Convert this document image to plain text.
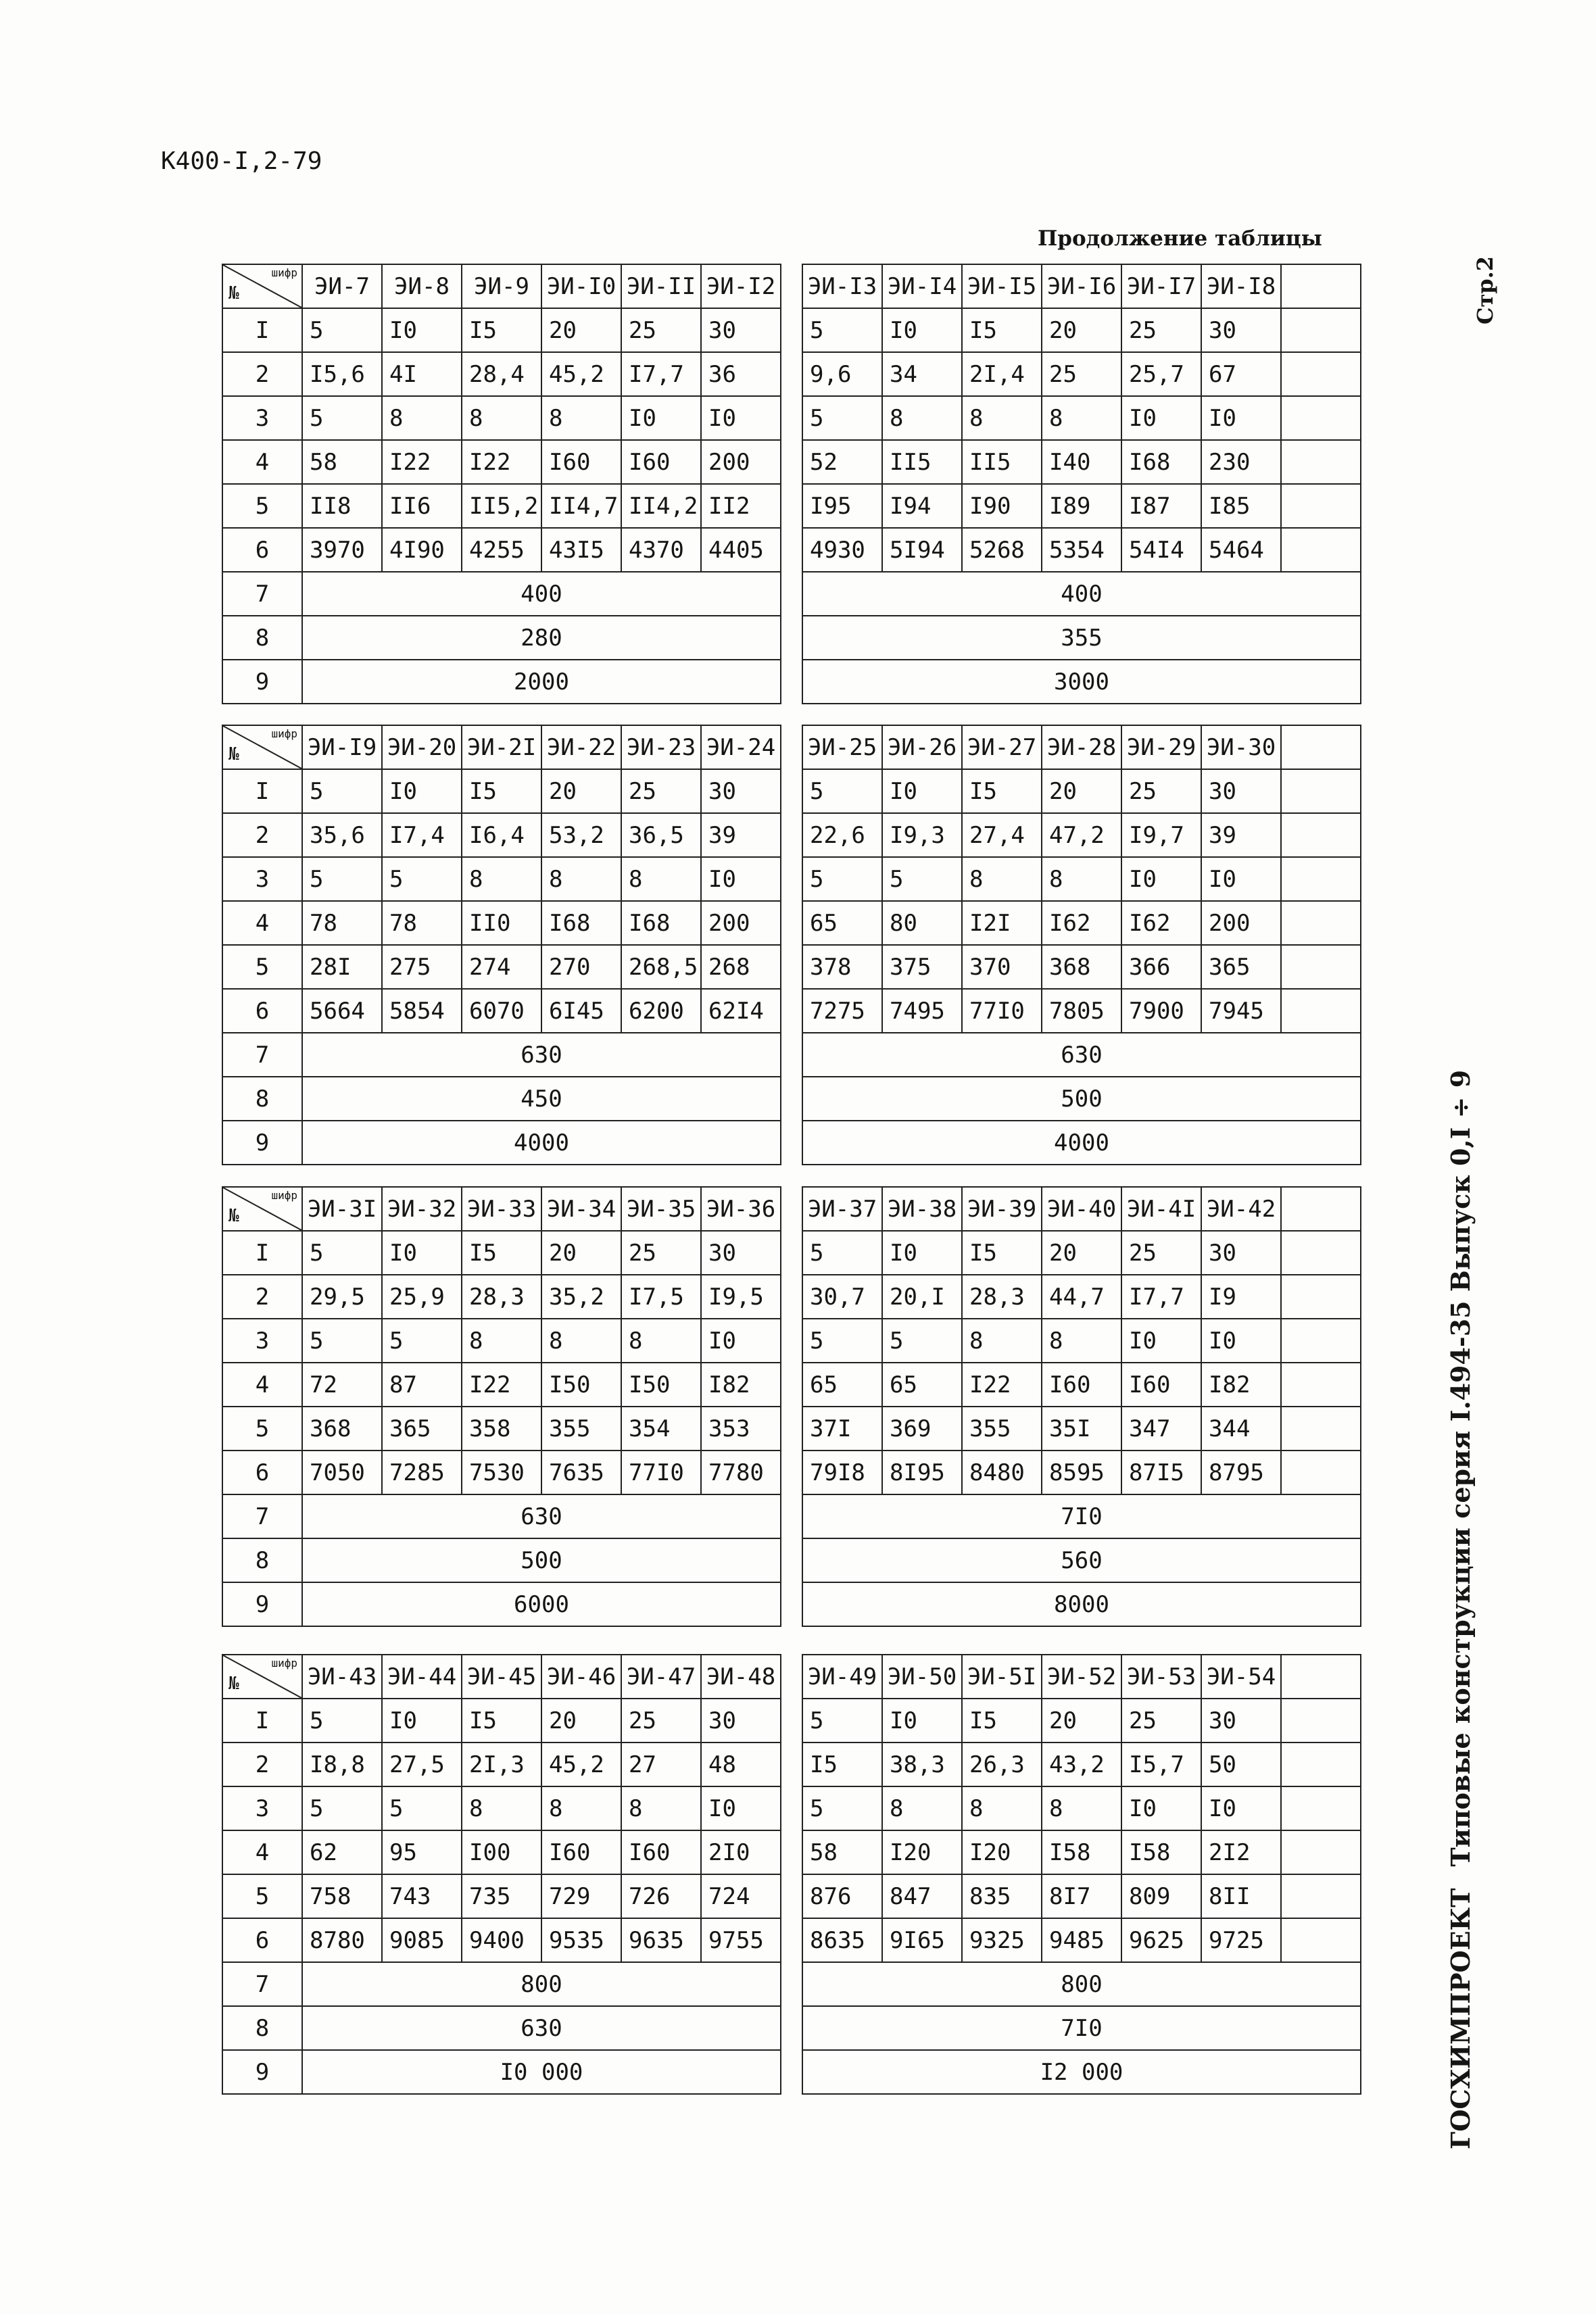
К400-I,2-79
Продолжение таблицы
Стр.2
ГОСХИМПРОЕКТТиповые конструкции серия I.494-35 Выпуск 0,I ÷ 9
шифр
№	ЭИ-7	ЭИ-8	ЭИ-9	ЭИ-I0	ЭИ-II	ЭИ-I2
I	5	I0	I5	20	25	30
2	I5,6	4I	28,4	45,2	I7,7	36
3	5	8	8	8	I0	I0
4	58	I22	I22	I60	I60	200
5	II8	II6	II5,2	II4,7	II4,2	II2
6	3970	4I90	4255	43I5	4370	4405
7	400					
8	280					
9	2000					
ЭИ-I3	ЭИ-I4	ЭИ-I5	ЭИ-I6	ЭИ-I7	ЭИ-I8	
5	I0	I5	20	25	30	
9,6	34	2I,4	25	25,7	67	
5	8	8	8	I0	I0	
52	II5	II5	I40	I68	230	
I95	I94	I90	I89	I87	I85	
4930	5I94	5268	5354	54I4	5464	
400						
355						
3000						
шифр
№	ЭИ-I9	ЭИ-20	ЭИ-2I	ЭИ-22	ЭИ-23	ЭИ-24
I	5	I0	I5	20	25	30
2	35,6	I7,4	I6,4	53,2	36,5	39
3	5	5	8	8	8	I0
4	78	78	II0	I68	I68	200
5	28I	275	274	270	268,5	268
6	5664	5854	6070	6I45	6200	62I4
7	630					
8	450					
9	4000					
ЭИ-25	ЭИ-26	ЭИ-27	ЭИ-28	ЭИ-29	ЭИ-30	
5	I0	I5	20	25	30	
22,6	I9,3	27,4	47,2	I9,7	39	
5	5	8	8	I0	I0	
65	80	I2I	I62	I62	200	
378	375	370	368	366	365	
7275	7495	77I0	7805	7900	7945	
630						
500						
4000						
шифр
№	ЭИ-3I	ЭИ-32	ЭИ-33	ЭИ-34	ЭИ-35	ЭИ-36
I	5	I0	I5	20	25	30
2	29,5	25,9	28,3	35,2	I7,5	I9,5
3	5	5	8	8	8	I0
4	72	87	I22	I50	I50	I82
5	368	365	358	355	354	353
6	7050	7285	7530	7635	77I0	7780
7	630					
8	500					
9	6000					
ЭИ-37	ЭИ-38	ЭИ-39	ЭИ-40	ЭИ-4I	ЭИ-42	
5	I0	I5	20	25	30	
30,7	20,I	28,3	44,7	I7,7	I9	
5	5	8	8	I0	I0	
65	65	I22	I60	I60	I82	
37I	369	355	35I	347	344	
79I8	8I95	8480	8595	87I5	8795	
7I0						
560						
8000						
шифр
№	ЭИ-43	ЭИ-44	ЭИ-45	ЭИ-46	ЭИ-47	ЭИ-48
I	5	I0	I5	20	25	30
2	I8,8	27,5	2I,3	45,2	27	48
3	5	5	8	8	8	I0
4	62	95	I00	I60	I60	2I0
5	758	743	735	729	726	724
6	8780	9085	9400	9535	9635	9755
7	800					
8	630					
9	I0 000					
ЭИ-49	ЭИ-50	ЭИ-5I	ЭИ-52	ЭИ-53	ЭИ-54	
5	I0	I5	20	25	30	
I5	38,3	26,3	43,2	I5,7	50	
5	8	8	8	I0	I0	
58	I20	I20	I58	I58	2I2	
876	847	835	8I7	809	8II	
8635	9I65	9325	9485	9625	9725	
800						
7I0						
I2 000						
